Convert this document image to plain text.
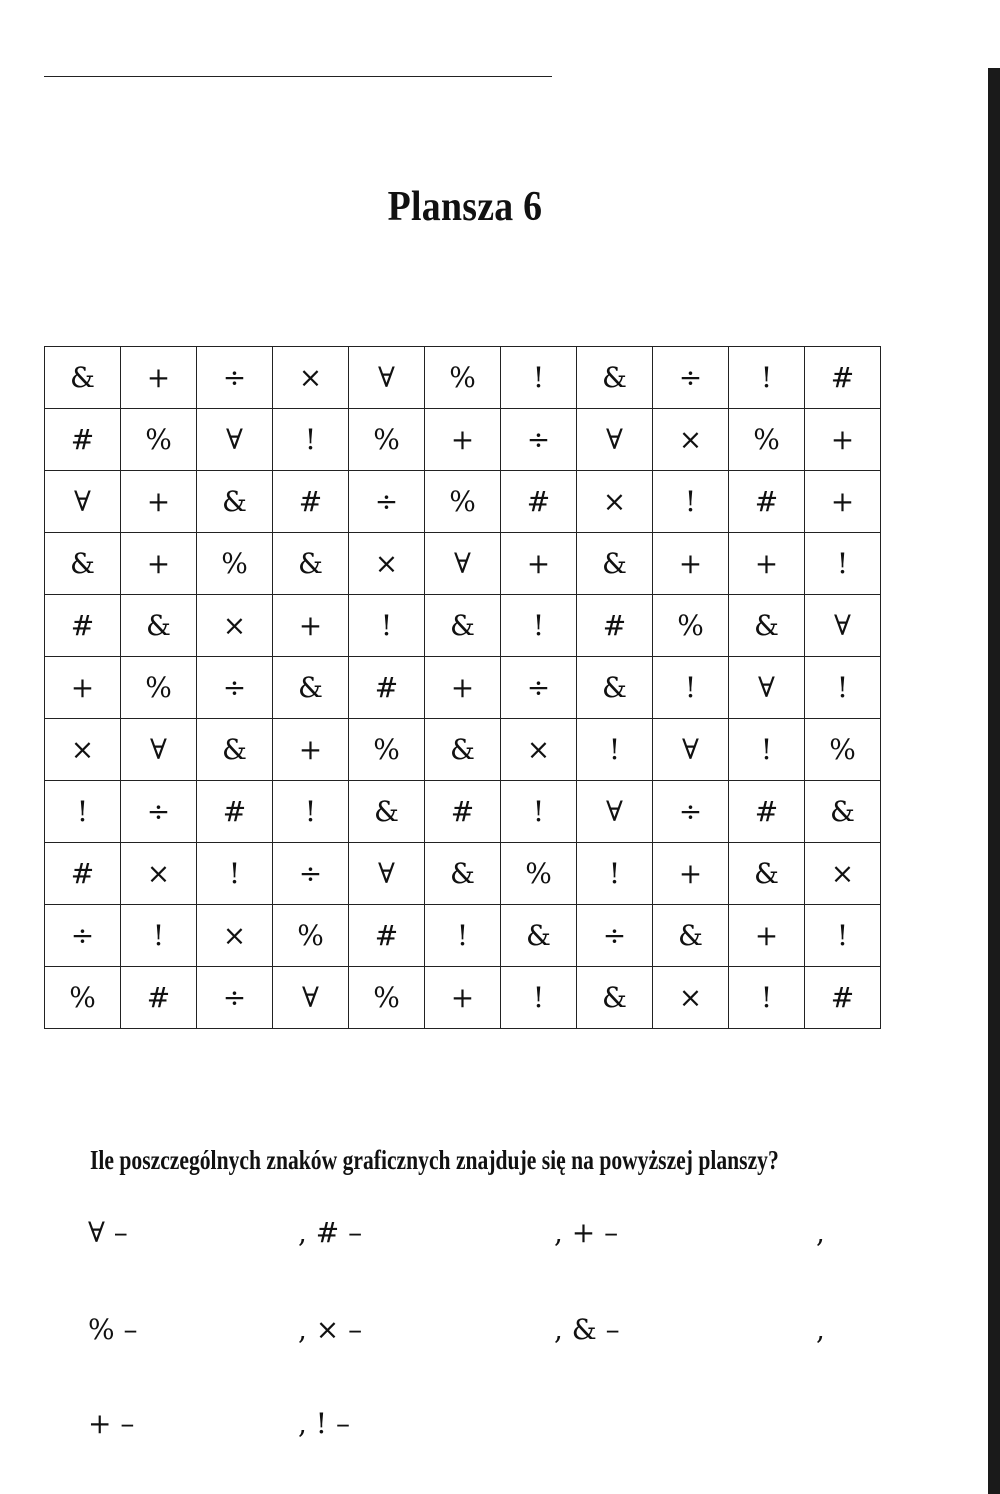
Plansza 6
&	+	÷	×	∀	%	!	&	÷	!	#
#	%	∀	!	%	+	÷	∀	×	%	+
∀	+	&	#	÷	%	#	×	!	#	+
&	+	%	&	×	∀	+	&	+	+	!
#	&	×	+	!	&	!	#	%	&	∀
+	%	÷	&	#	+	÷	&	!	∀	!
×	∀	&	+	%	&	×	!	∀	!	%
!	÷	#	!	&	#	!	∀	÷	#	&
#	×	!	÷	∀	&	%	!	+	&	×
÷	!	×	%	#	!	&	÷	&	+	!
%	#	÷	∀	%	+	!	&	×	!	#

Ile poszczególnych znaków graficznych znajduje się na powyższej planszy?

∀ –	, # –	, + –	,
% –	, × –	, & –	,
+ –	, ! –
